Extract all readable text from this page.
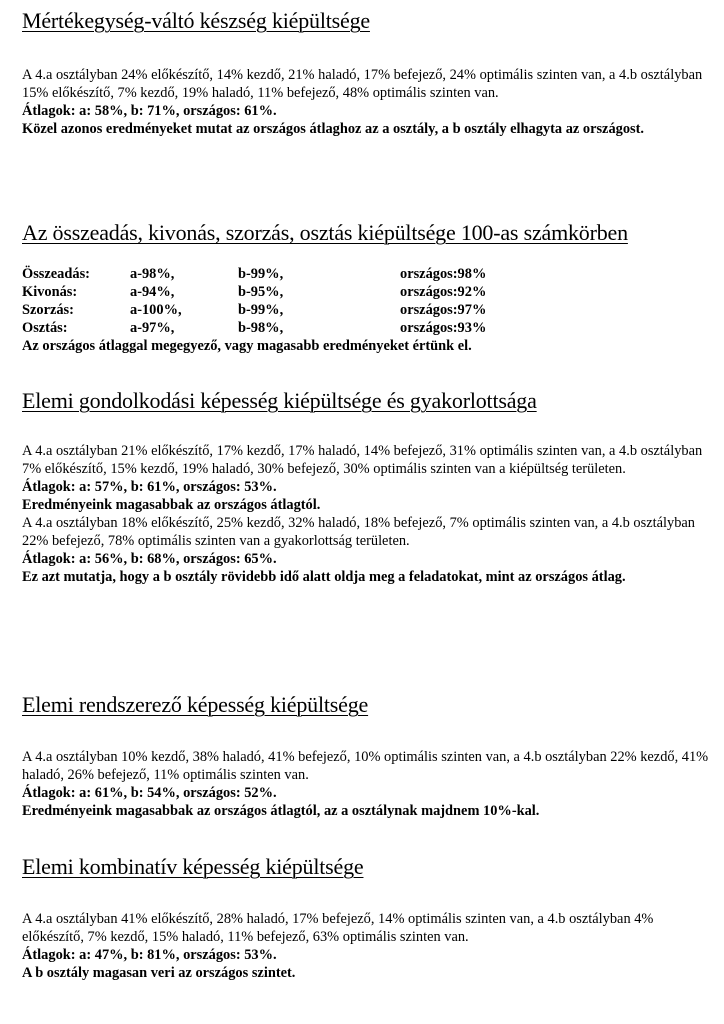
Mértékegység-váltó készség kiépültsége

A 4.a osztályban 24% előkészítő, 14% kezdő, 21% haladó, 17% befejező, 24% optimális szinten van, a 4.b osztályban 15% előkészítő, 7% kezdő, 19% haladó, 11% befejező, 48% optimális szinten van.

Átlagok: a: 58%, b: 71%, országos: 61%.

Közel azonos eredményeket mutat az országos átlaghoz az a osztály, a b osztály elhagyta az országost.

Az összeadás, kivonás, szorzás, osztás kiépültsége 100-as számkörben
Összeadás:	a-98%,	b-99%,	országos:98%
Kivonás:	a-94%,	b-95%,	országos:92%
Szorzás:	a-100%,	b-99%,	országos:97%
Osztás:	a-97%,	b-98%,	országos:93%

Az országos átlaggal megegyező, vagy magasabb eredményeket értünk el.

Elemi gondolkodási képesség kiépültsége és gyakorlottsága

A 4.a osztályban 21% előkészítő, 17% kezdő, 17% haladó, 14% befejező, 31% optimális szinten van, a 4.b osztályban 7% előkészítő, 15% kezdő, 19% haladó, 30% befejező, 30% optimális szinten van a kiépültség területen.

Átlagok: a: 57%, b: 61%, országos: 53%.

Eredményeink magasabbak az országos átlagtól.

A 4.a osztályban 18% előkészítő, 25% kezdő, 32% haladó, 18% befejező, 7% optimális szinten van, a 4.b osztályban 22% befejező, 78% optimális szinten van a gyakorlottság területen.

Átlagok: a: 56%, b: 68%, országos: 65%.

Ez azt mutatja, hogy a b osztály rövidebb idő alatt oldja meg a feladatokat, mint az országos átlag.

Elemi rendszerező képesség kiépültsége

A 4.a osztályban 10% kezdő, 38% haladó, 41% befejező, 10% optimális szinten van, a 4.b osztályban 22% kezdő, 41% haladó, 26% befejező, 11% optimális szinten van.

Átlagok: a: 61%, b: 54%, országos: 52%.

Eredményeink magasabbak az országos átlagtól, az a osztálynak majdnem 10%-kal.

Elemi kombinatív képesség kiépültsége

A 4.a osztályban 41% előkészítő, 28% haladó, 17% befejező, 14% optimális szinten van, a 4.b osztályban 4% előkészítő, 7% kezdő, 15% haladó, 11% befejező, 63% optimális szinten van.

Átlagok: a: 47%, b: 81%, országos: 53%.

A b osztály magasan veri az országos szintet.
